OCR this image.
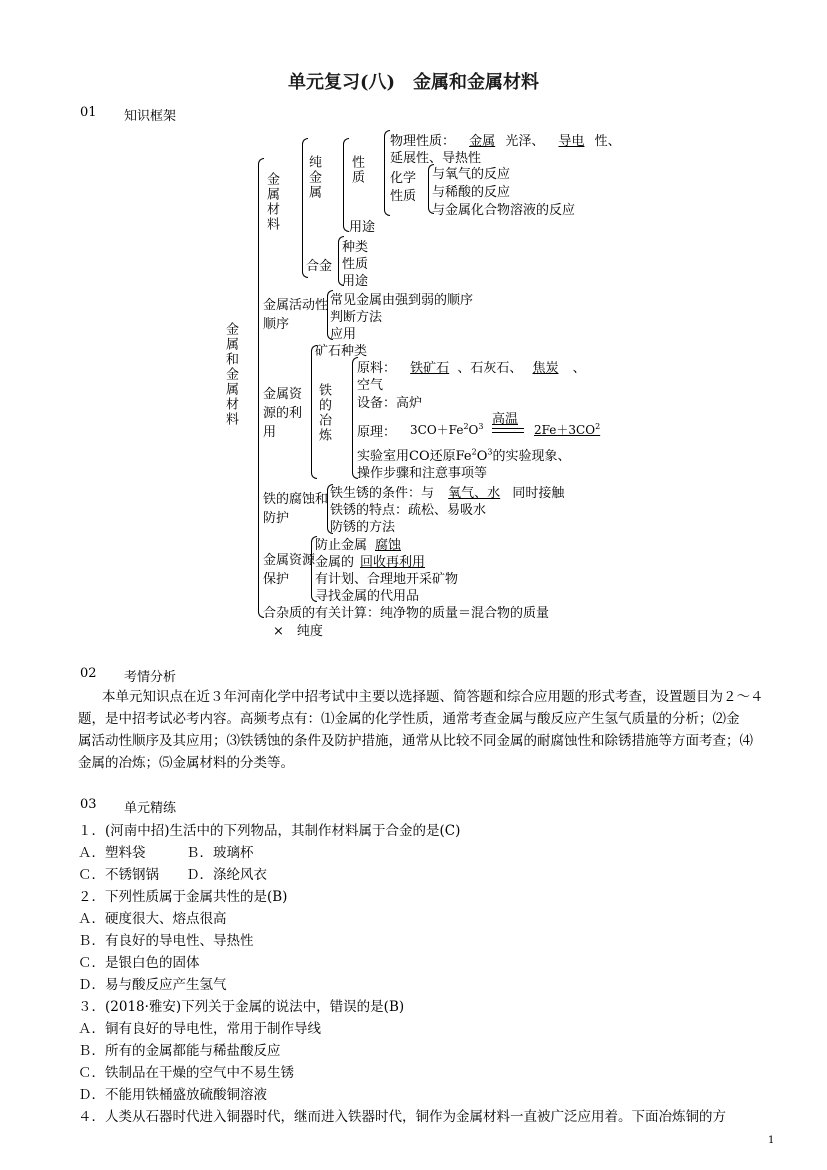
单元复习(八)　金属和金属材料
01 知识框架
金属和金属材料
金属材料 纯金属 性质
物理性质： 金属 光泽、 导电 性、
延展性、导热性
化学性质
与氧气的反应
与稀酸的反应
与金属化合物溶液的反应
用途
合金
种类
性质
用途
金属活动性顺序
常见金属由强到弱的顺序
判断方法
应用
金属资源的利用
矿石种类
铁的冶炼
原料： 铁矿石 、石灰石、 焦炭 、
空气
设备：高炉
原理： $3CO+Fe^2O^3$ 高温
$2Fe+3CO^2$
实验室用CO还原$Fe^2O^3$的实验现象、
操作步骤和注意事项等
铁的腐蚀和防护
铁生锈的条件：与 氧气、水 同时接触
铁锈的特点：疏松、易吸水
防锈的方法
金属资源保护
防止金属 腐蚀
金属的 回收再利用
有计划、合理地开采矿物
寻找金属的代用品
合杂质的有关计算：纯净物的质量＝混合物的质量
×　纯度
02 考情分析
本单元知识点在近３年河南化学中招考试中主要以选择题、简答题和综合应用题的形式考查，设置题目为２～４
题，是中招考试必考内容。高频考点有：⑴金属的化学性质，通常考查金属与酸反应产生氢气质量的分析；⑵金
属活动性顺序及其应用；⑶铁锈蚀的条件及防护措施，通常从比较不同金属的耐腐蚀性和除锈措施等方面考查；⑷
金属的冶炼；⑸金属材料的分类等。
03 单元精练
１．(河南中招)生活中的下列物品，其制作材料属于合金的是(C)
Ａ．塑料袋　　　Ｂ．玻璃杯
Ｃ．不锈钢锅　　Ｄ．涤纶风衣
２．下列性质属于金属共性的是(B)
Ａ．硬度很大、熔点很高
Ｂ．有良好的导电性、导热性
Ｃ．是银白色的固体
Ｄ．易与酸反应产生氢气
３．(2018·雅安)下列关于金属的说法中，错误的是(B)
Ａ．铜有良好的导电性，常用于制作导线
Ｂ．所有的金属都能与稀盐酸反应
Ｃ．铁制品在干燥的空气中不易生锈
Ｄ．不能用铁桶盛放硫酸铜溶液
４．人类从石器时代进入铜器时代，继而进入铁器时代，铜作为金属材料一直被广泛应用着。下面冶炼铜的方
1
